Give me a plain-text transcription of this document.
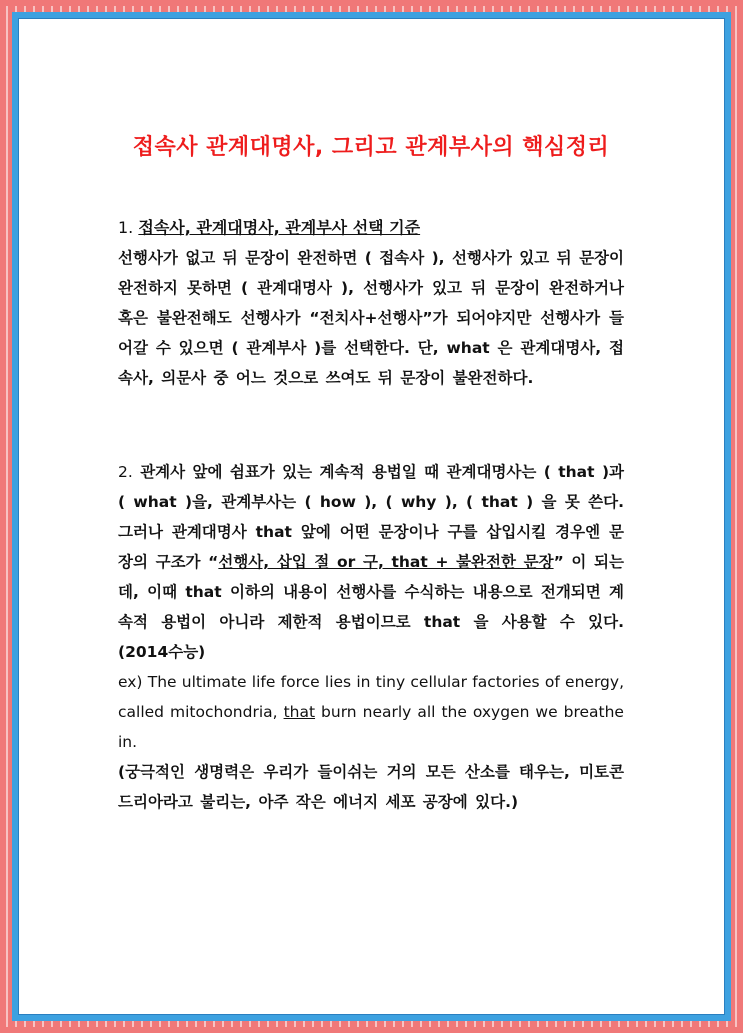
접속사 관계대명사, 그리고 관계부사의 핵심정리

1. 접속사, 관계대명사, 관계부사 선택 기준

선행사가 없고 뒤 문장이 완전하면 ( 접속사 ), 선행사가 있고 뒤 문장이 완전하지 못하면 ( 관계대명사 ), 선행사가 있고 뒤 문장이 완전하거나 혹은 불완전해도 선행사가 “전치사+선행사”가 되어야지만 선행사가 들어갈 수 있으면 ( 관계부사 )를 선택한다. 단, what 은 관계대명사, 접속사, 의문사 중 어느 것으로 쓰여도 뒤 문장이 불완전하다.

2. 관계사 앞에 쉼표가 있는 계속적 용법일 때 관계대명사는 ( that )과 ( what )을, 관계부사는 ( how ), ( why ), ( that ) 을 못 쓴다. 그러나 관계대명사 that 앞에 어떤 문장이나 구를 삽입시킬 경우엔 문장의 구조가 “선행사, 삽입 절 or 구, that + 불완전한 문장” 이 되는데, 이때 that 이하의 내용이 선행사를 수식하는 내용으로 전개되면 계속적 용법이 아니라 제한적 용법이므로 that 을 사용할 수 있다. (2014수능)

ex) The ultimate life force lies in tiny cellular factories of energy, called mitochondria, that burn nearly all the oxygen we breathe in.

(궁극적인 생명력은 우리가 들이쉬는 거의 모든 산소를 태우는, 미토콘드리아라고 불리는, 아주 작은 에너지 세포 공장에 있다.)
